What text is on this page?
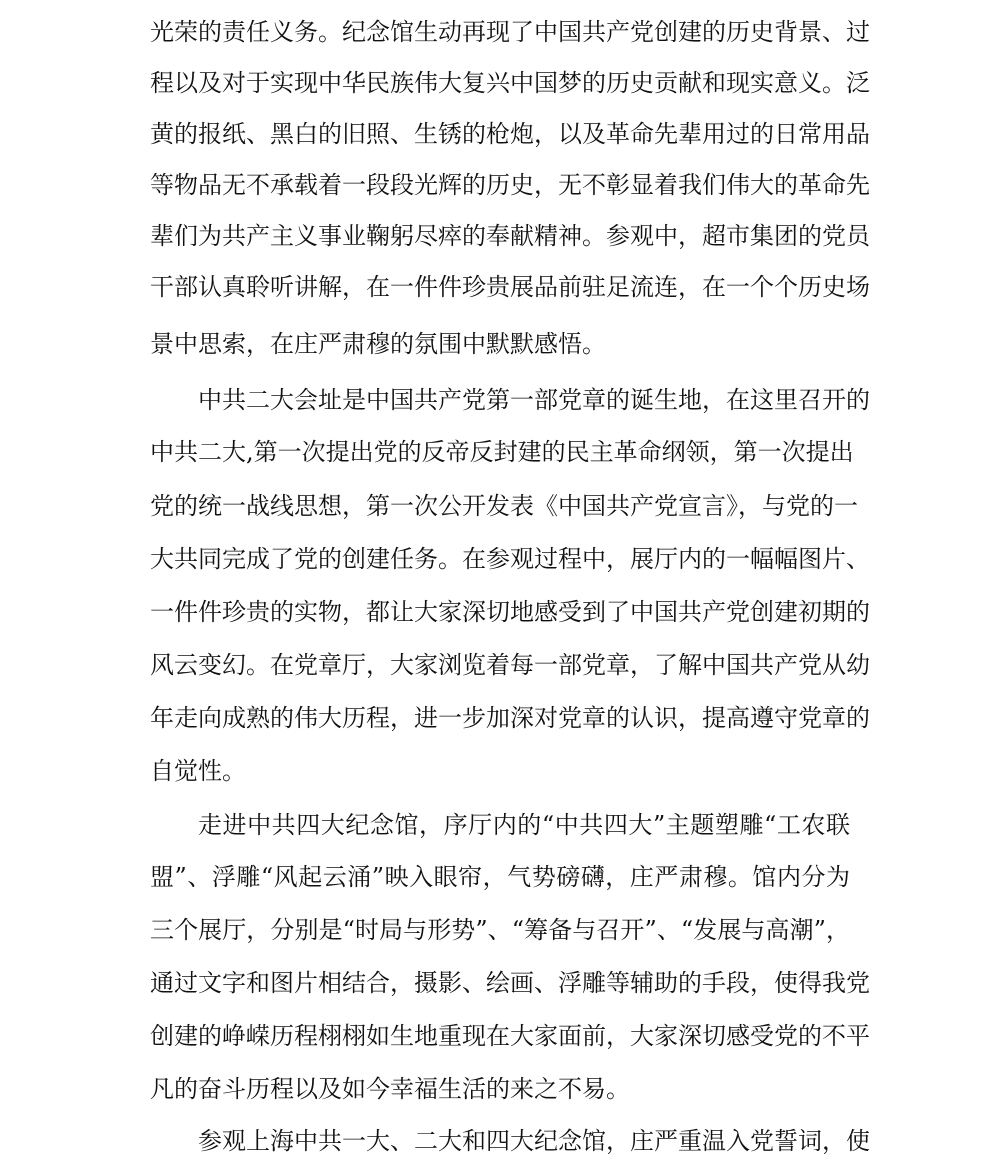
光荣的责任义务。纪念馆生动再现了中国共产党创建的历史背景、过
程以及对于实现中华民族伟大复兴中国梦的历史贡献和现实意义。泛
黄的报纸、黑白的旧照、生锈的枪炮，以及革命先辈用过的日常用品
等物品无不承载着一段段光辉的历史，无不彰显着我们伟大的革命先
辈们为共产主义事业鞠躬尽瘁的奉献精神。参观中，超市集团的党员
干部认真聆听讲解，在一件件珍贵展品前驻足流连，在一个个历史场
景中思索，在庄严肃穆的氛围中默默感悟。
中共二大会址是中国共产党第一部党章的诞生地，在这里召开的
中共二大,第一次提出党的反帝反封建的民主革命纲领，第一次提出
党的统一战线思想，第一次公开发表《中国共产党宣言》，与党的一
大共同完成了党的创建任务。在参观过程中，展厅内的一幅幅图片、
一件件珍贵的实物，都让大家深切地感受到了中国共产党创建初期的
风云变幻。在党章厅，大家浏览着每一部党章，了解中国共产党从幼
年走向成熟的伟大历程，进一步加深对党章的认识，提高遵守党章的
自觉性。
走进中共四大纪念馆，序厅内的“中共四大”主题塑雕“工农联
盟”、浮雕“风起云涌”映入眼帘，气势磅礴，庄严肃穆。馆内分为
三个展厅，分别是“时局与形势”、“筹备与召开”、“发展与高潮”，
通过文字和图片相结合，摄影、绘画、浮雕等辅助的手段，使得我党
创建的峥嵘历程栩栩如生地重现在大家面前，大家深切感受党的不平
凡的奋斗历程以及如今幸福生活的来之不易。
参观上海中共一大、二大和四大纪念馆，庄严重温入党誓词，使
